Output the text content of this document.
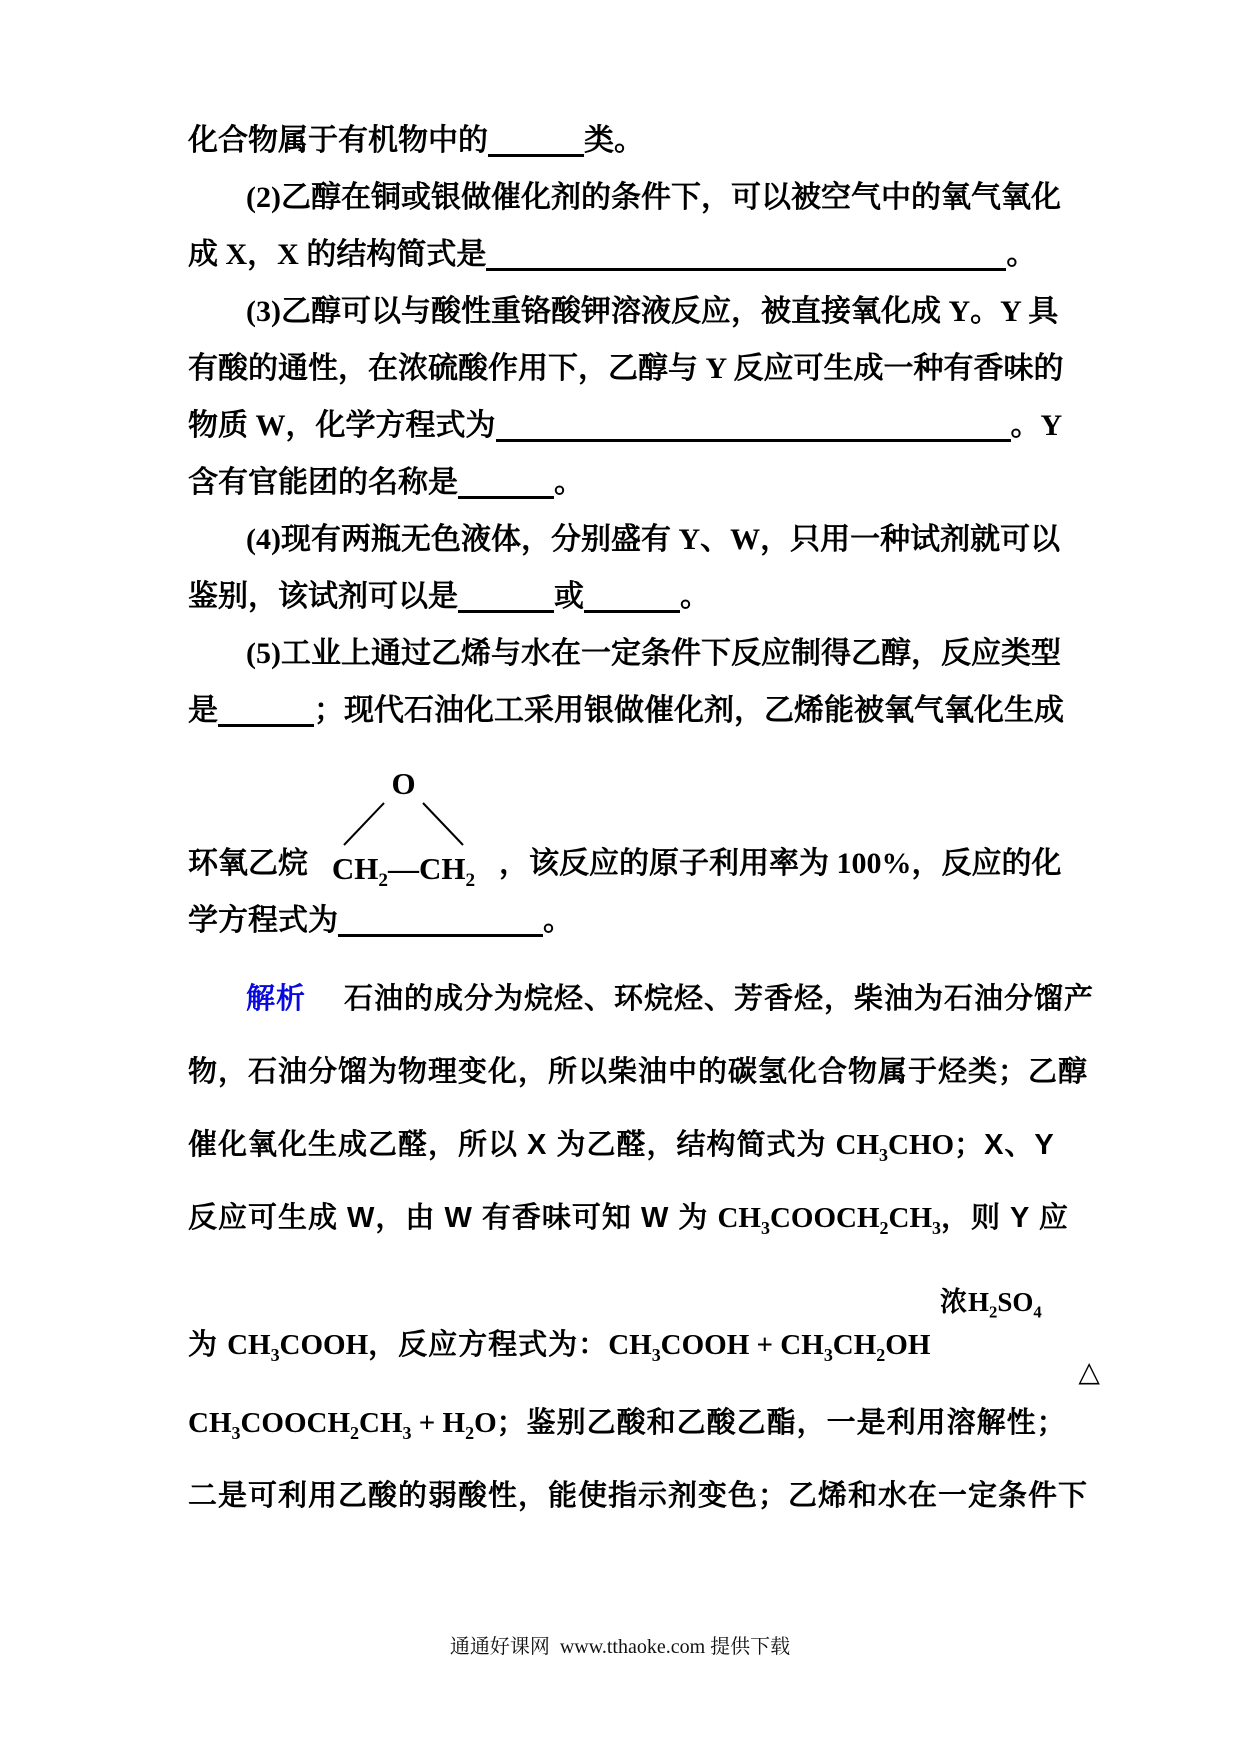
化合物属于有机物中的	类。
(2)乙醇在铜或银做催化剂的条件下，可以被空气中的氧气氧化
成 X，X 的结构简式是	。
(3)乙醇可以与酸性重铬酸钾溶液反应，被直接氧化成 Y。Y 具
有酸的通性，在浓硫酸作用下，乙醇与 Y 反应可生成一种有香味的
物质 W，化学方程式为	。Y
含有官能团的名称是	。
(4)现有两瓶无色液体，分别盛有 Y、W，只用一种试剂就可以
鉴别，该试剂可以是	或	。
(5)工业上通过乙烯与水在一定条件下反应制得乙醇，反应类型
是	；现代石油化工采用银做催化剂，乙烯能被氧气氧化生成
环氧乙烷
O
$CH_2—CH_2$
，该反应的原子利用率为 100%，反应的化
学方程式为	。
解析 石油的成分为烷烃、环烷烃、芳香烃，柴油为石油分馏产
物，石油分馏为物理变化，所以柴油中的碳氢化合物属于烃类；乙醇
催化氧化生成乙醛，所以 X 为乙醛，结构简式为 $CH_3CHO$；X、Y
反应可生成 W，由 W 有香味可知 W 为 $CH_3COOCH_2CH_3$，则 Y 应
浓$H_2SO_4$
为 $CH_3COOH$，反应方程式为：$CH_3COOH$ + $CH_3CH_2OH\triangle$
$CH_3COOCH_2CH_3 + H_2O$；鉴别乙酸和乙酸乙酯，一是利用溶解性；
二是可利用乙酸的弱酸性，能使指示剂变色；乙烯和水在一定条件下
通通好课网  www.tthaoke.com 提供下载
